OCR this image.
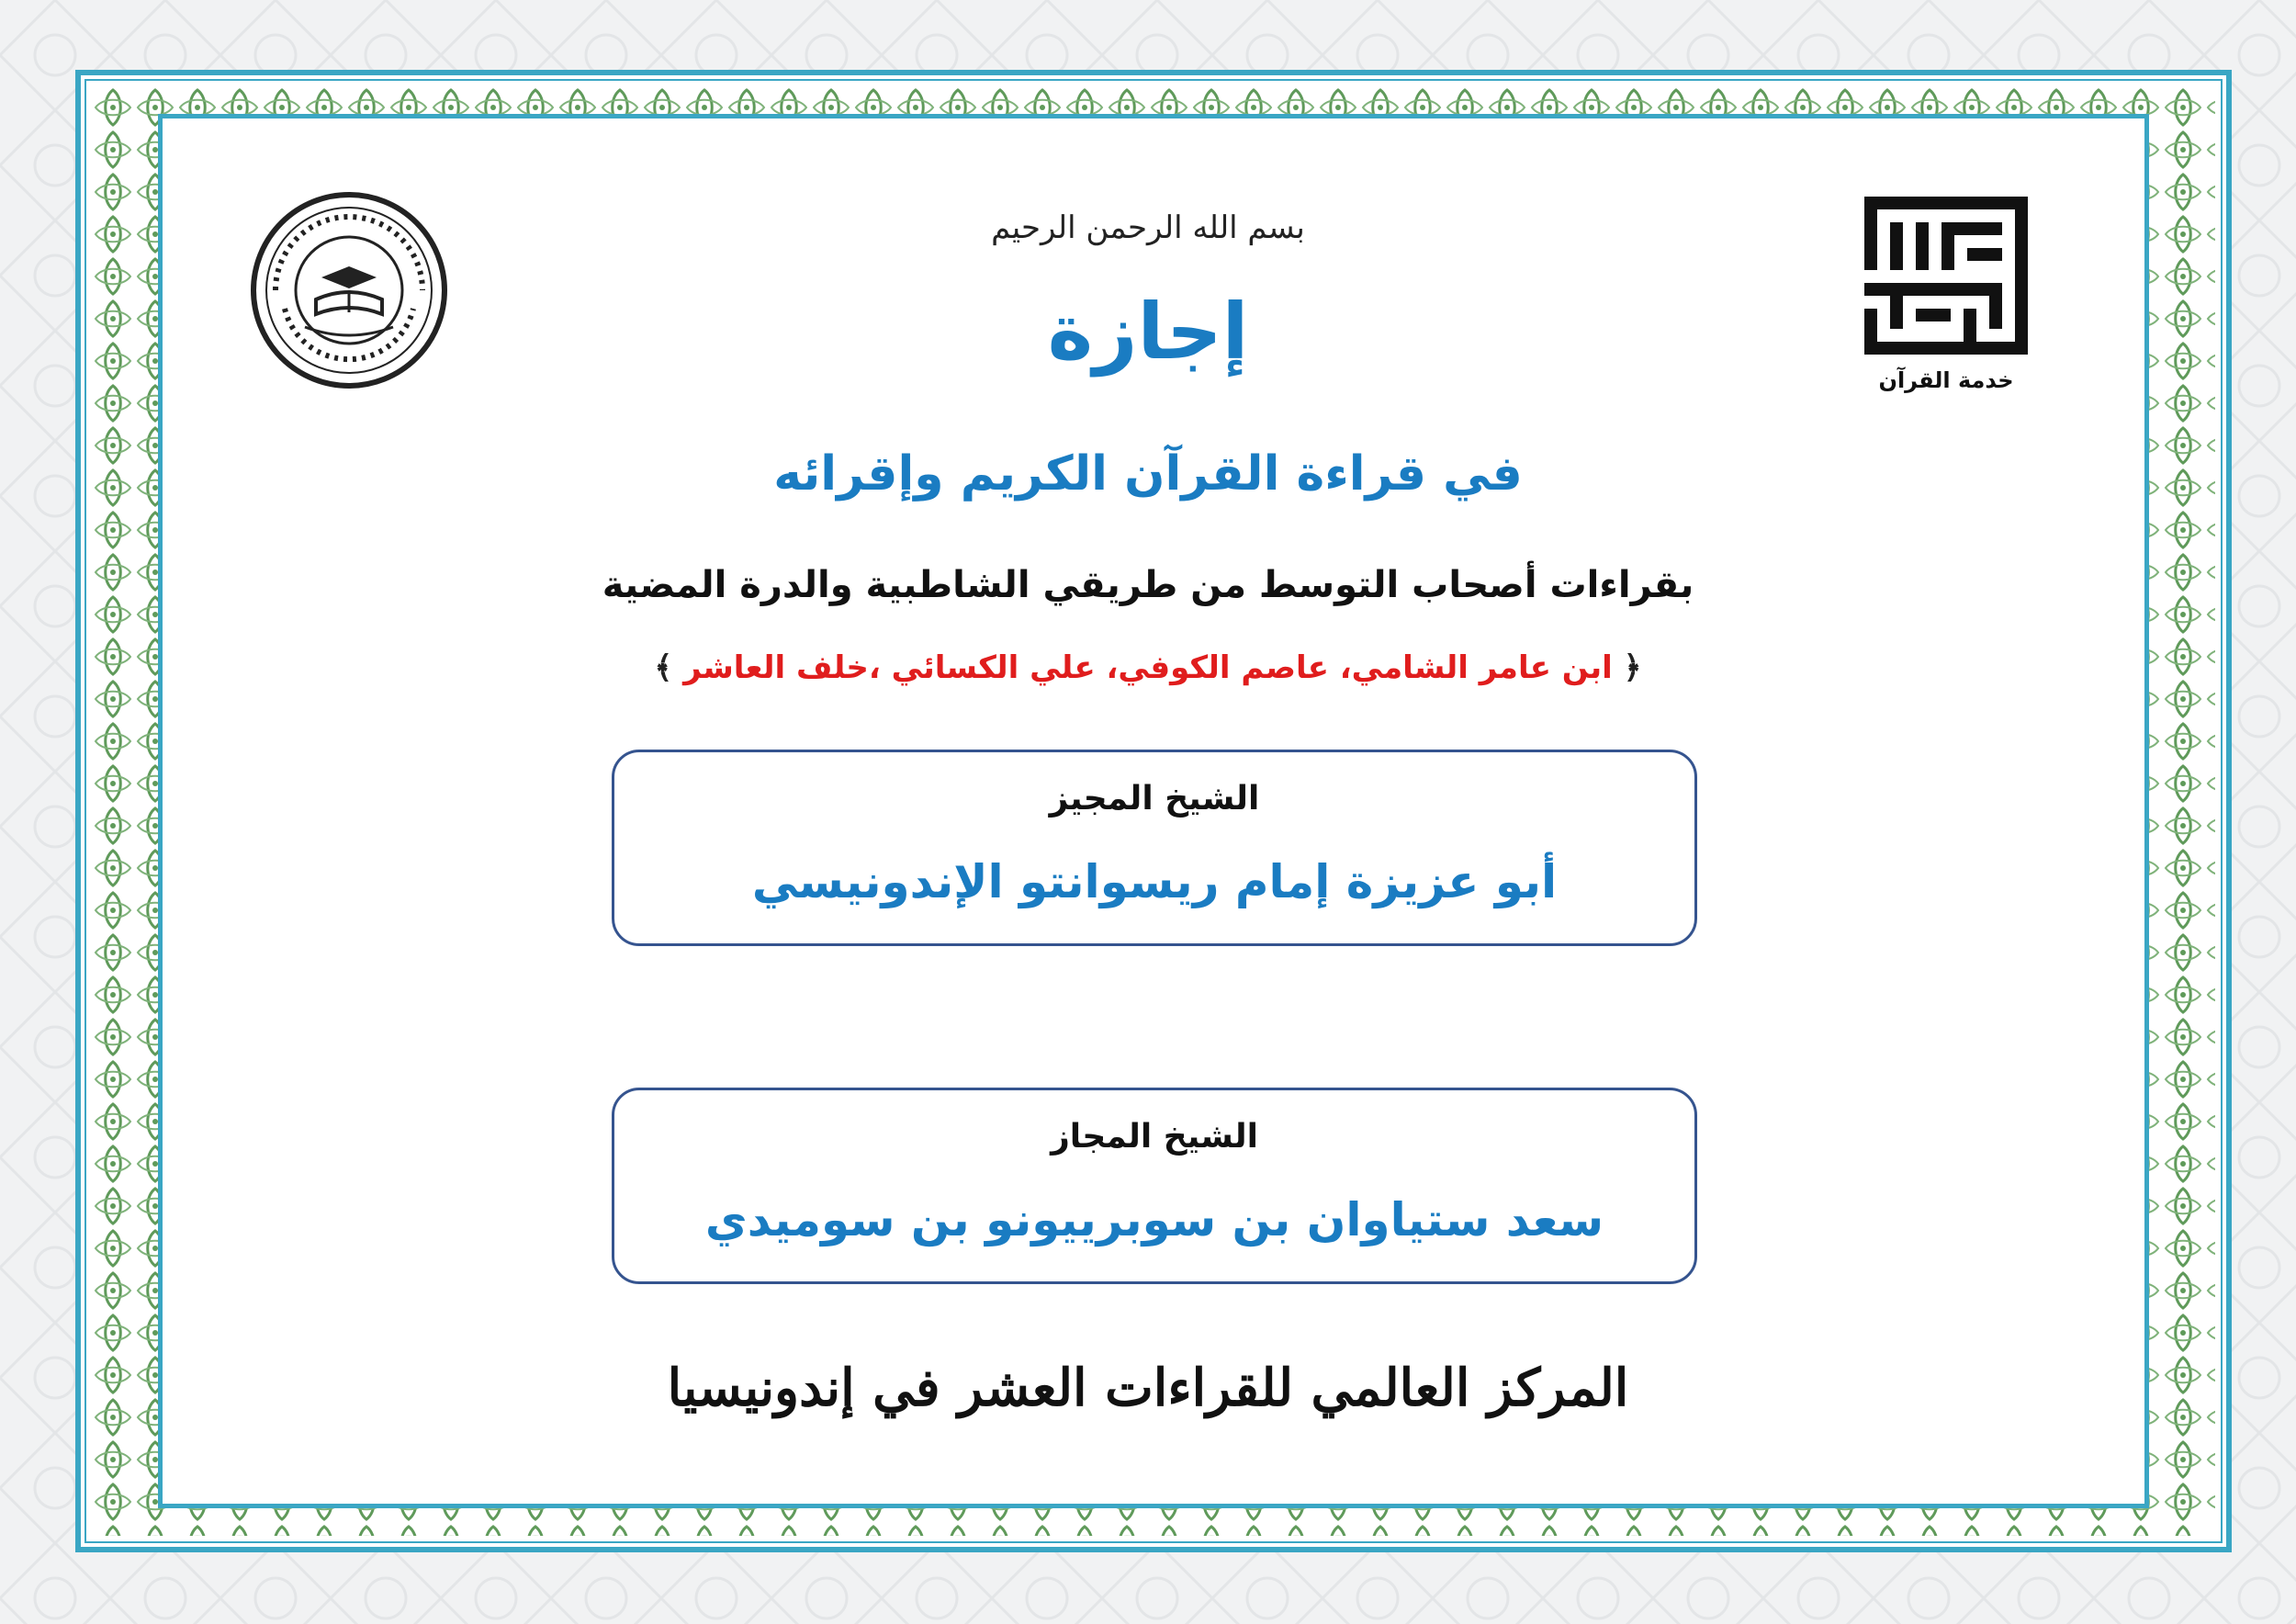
خدمة القرآن
بسم الله الرحمن الرحيم
إجازة
في قراءة القرآن الكريم وإقرائه
بقراءات أصحاب التوسط من طريقي الشاطبية والدرة المضية
﴿ ابن عامر الشامي، عاصم الكوفي، علي الكسائي ،خلف العاشر ﴾
الشيخ المجيز
أبو عزيزة إمام ريسوانتو الإندونيسي
الشيخ المجاز
سعد ستياوان بن سوبرييونو بن سوميدي
المركز العالمي للقراءات العشر في إندونيسيا
